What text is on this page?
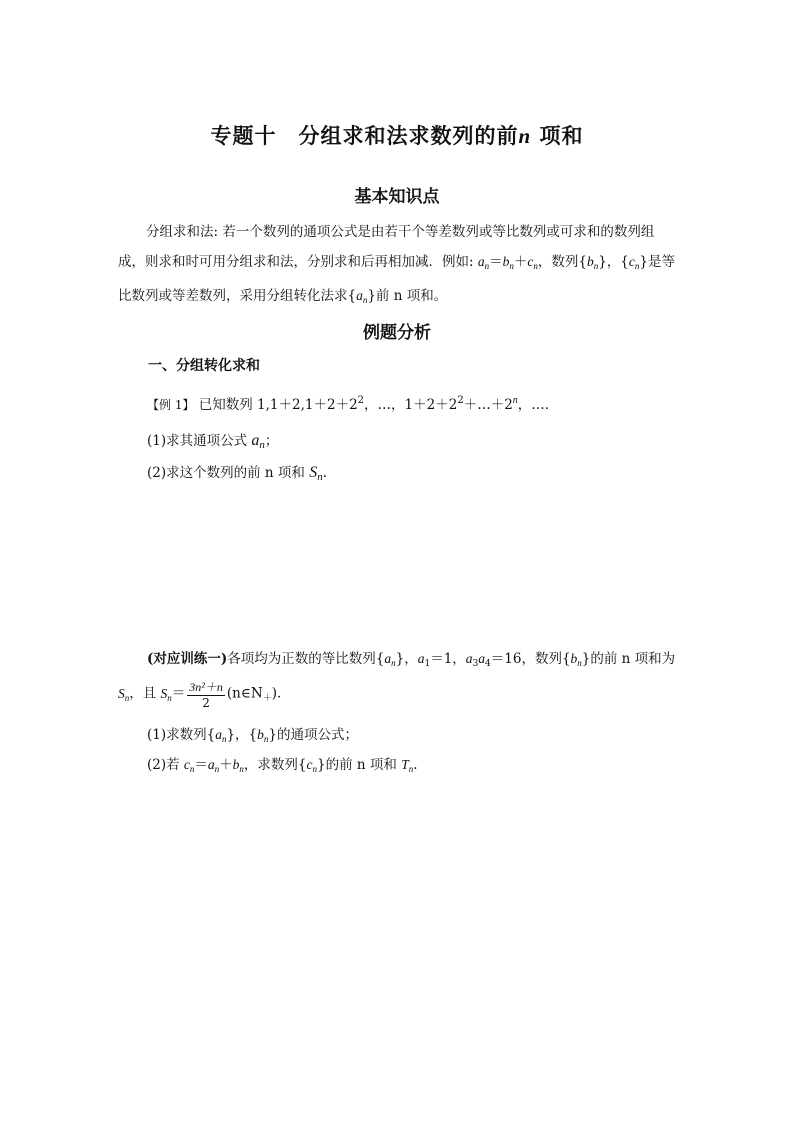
专题十　分组求和法求数列的前n 项和
基本知识点
分组求和法: 若一个数列的通项公式是由若干个等差数列或等比数列或可求和的数列组成，则求和时可用分组求和法，分别求和后再相加减．例如: $a_n=b_n+c_n$，数列$\{b_n\}$，$\{c_n\}$是等比数列或等差数列，采用分组转化法求$\{a_n\}$前 n 项和。
例题分析
一、分组转化求和
【例 1】 已知数列 $1,1+2,1+2+2^2$，…，$1+2+2^2+\dots+2^n$，…．
(1)求其通项公式 $a_n$；
(2)求这个数列的前 n 项和 $S_n$.
(对应训练一)各项均为正数的等比数列$\{a_n\}$，$a_1=1$，$a_3a_4=16$，数列$\{b_n\}$的前 n 项和为
$S_n$，且 $S_n= \frac{\text{3n²＋n}}{2}$ $(n\in N_+)$．
(1)求数列$\{a_n\}$，$\{b_n\}$的通项公式；
(2)若 $c_n=a_n+b_n$，求数列$\{c_n\}$的前 n 项和 $T_n$.
